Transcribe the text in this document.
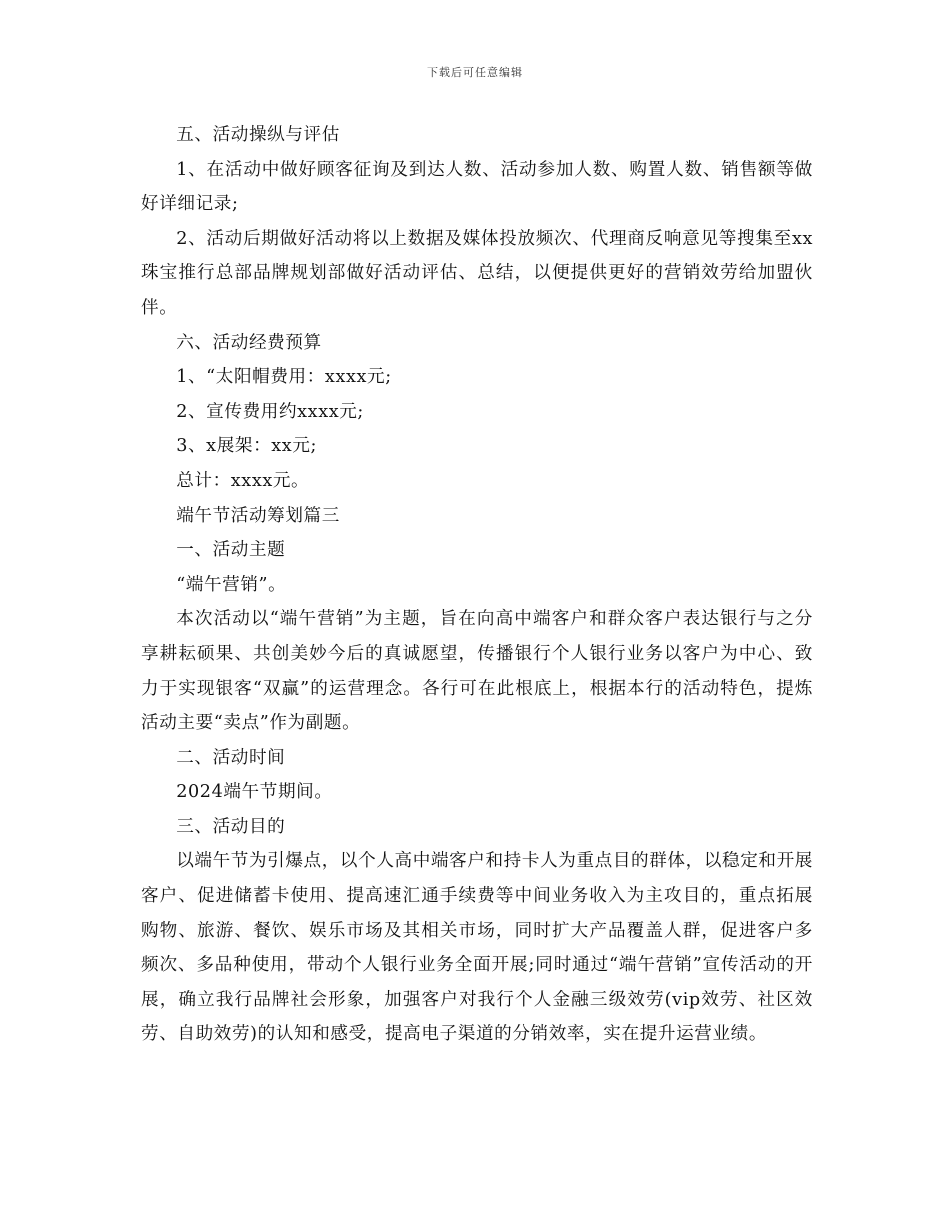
下载后可任意编辑

五、活动操纵与评估

1、在活动中做好顾客征询及到达人数、活动参加人数、购置人数、销售额等做好详细记录;

2、活动后期做好活动将以上数据及媒体投放频次、代理商反响意见等搜集至xx珠宝推行总部品牌规划部做好活动评估、总结，以便提供更好的营销效劳给加盟伙伴。

六、活动经费预算

1、“太阳帽费用：xxxx元;

2、宣传费用约xxxx元;

3、x展架：xx元;

总计：xxxx元。

端午节活动筹划篇三

一、活动主题

“端午营销”。

本次活动以“端午营销”为主题，旨在向高中端客户和群众客户表达银行与之分享耕耘硕果、共创美妙今后的真诚愿望，传播银行个人银行业务以客户为中心、致力于实现银客“双赢”的运营理念。各行可在此根底上，根据本行的活动特色，提炼活动主要“卖点”作为副题。

二、活动时间

2024端午节期间。

三、活动目的

以端午节为引爆点，以个人高中端客户和持卡人为重点目的群体，以稳定和开展客户、促进储蓄卡使用、提高速汇通手续费等中间业务收入为主攻目的，重点拓展购物、旅游、餐饮、娱乐市场及其相关市场，同时扩大产品覆盖人群，促进客户多频次、多品种使用，带动个人银行业务全面开展;同时通过“端午营销”宣传活动的开展，确立我行品牌社会形象，加强客户对我行个人金融三级效劳(vip效劳、社区效劳、自助效劳)的认知和感受，提高电子渠道的分销效率，实在提升运营业绩。
